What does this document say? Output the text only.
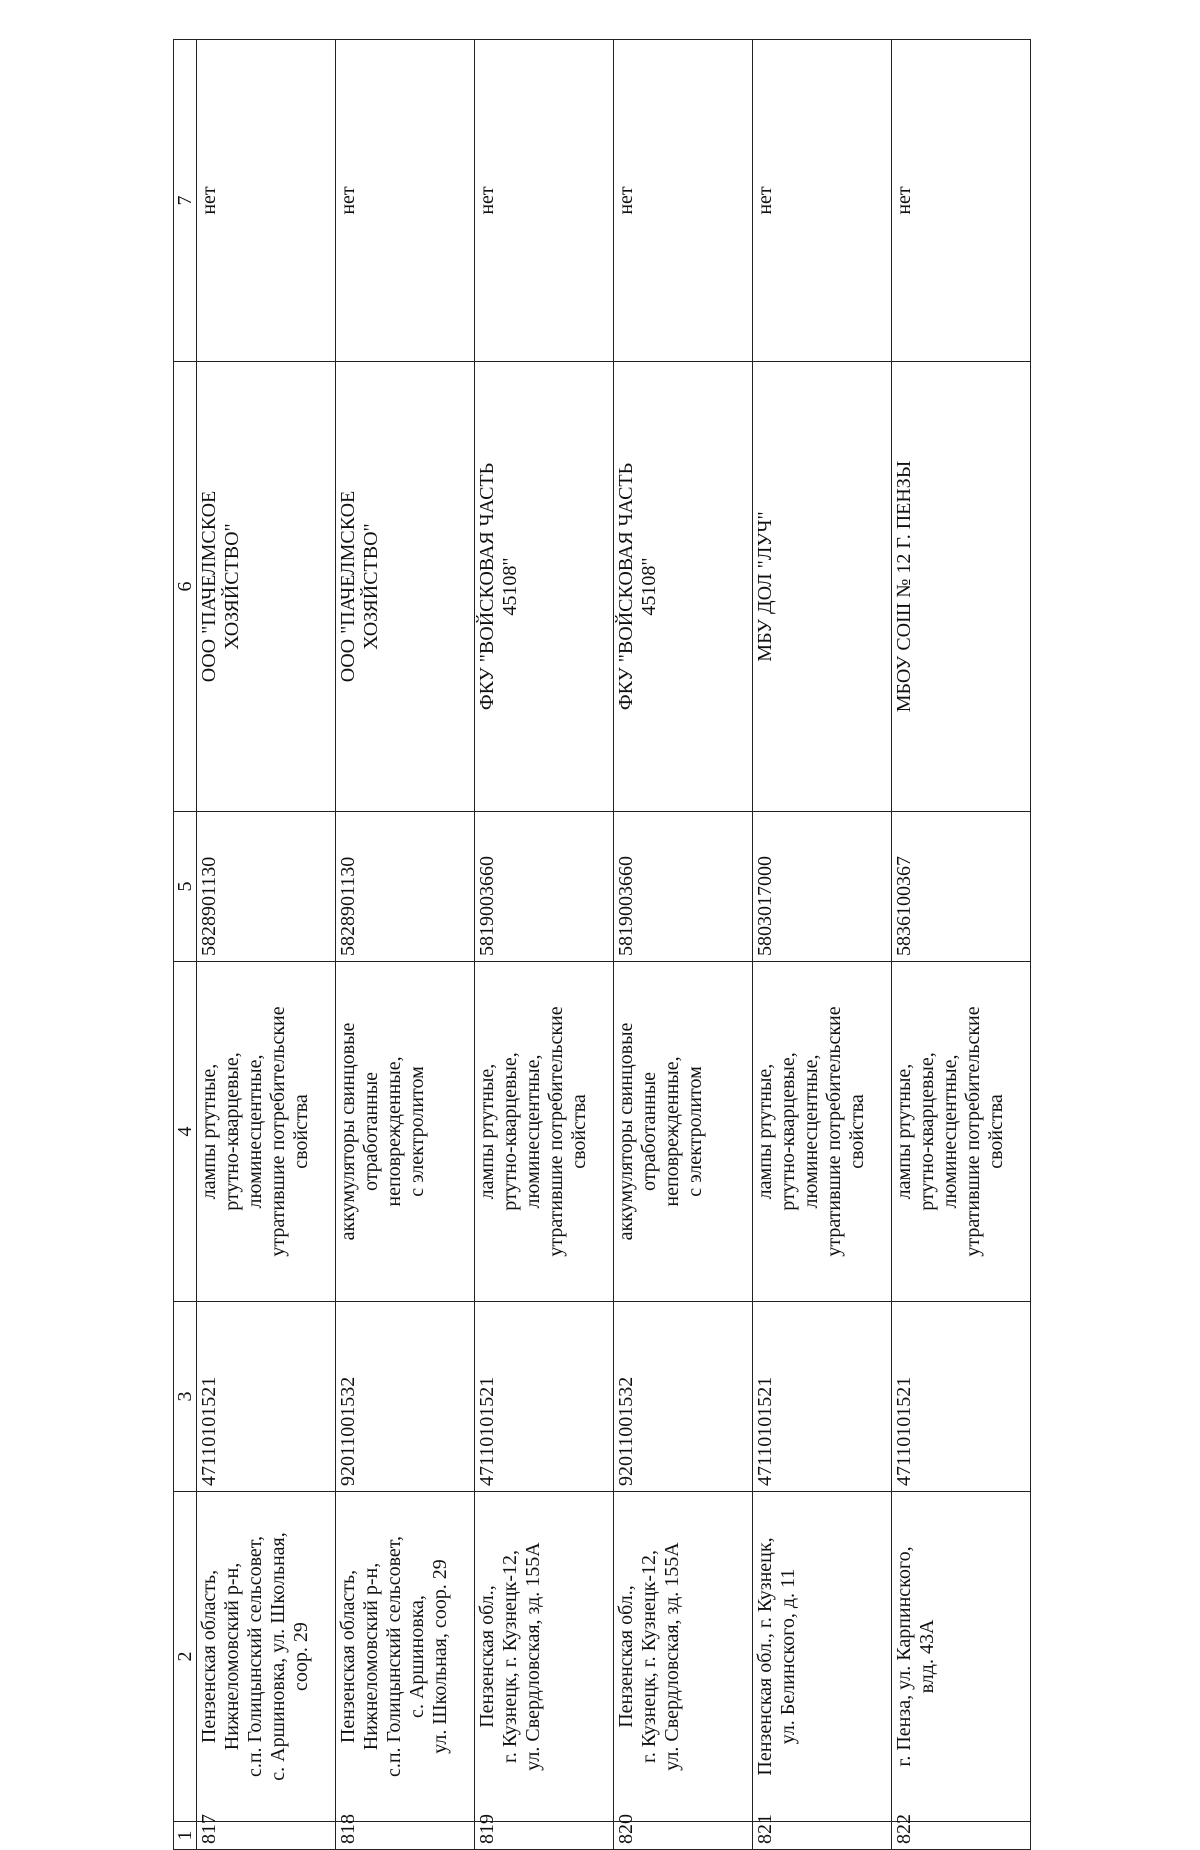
1	2	3	4	5	6	7
817	Пензенская область, Нижнеломовский р-н, с.п. Голицынский сельсовет, с. Аршиновка, ул. Школьная, соор. 29	47110101521	лампы ртутные, ртутно-кварцевые, люминесцентные, утратившие потребительские свойства	5828901130	ООО "ПАЧЕЛМСКОЕ ХОЗЯЙСТВО"	нет
818	Пензенская область, Нижнеломовский р-н, с.п. Голицынский сельсовет, с. Аршиновка, ул. Школьная, соор. 29	92011001532	аккумуляторы свинцовые отработанные неповрежденные, с электролитом	5828901130	ООО "ПАЧЕЛМСКОЕ ХОЗЯЙСТВО"	нет
819	Пензенская обл., г. Кузнецк, г. Кузнецк-12, ул. Свердловская, зд. 155А	47110101521	лампы ртутные, ртутно-кварцевые, люминесцентные, утратившие потребительские свойства	5819003660	ФКУ "ВОЙСКОВАЯ ЧАСТЬ 45108"	нет
820	Пензенская обл., г. Кузнецк, г. Кузнецк-12, ул. Свердловская, зд. 155А	92011001532	аккумуляторы свинцовые отработанные неповрежденные, с электролитом	5819003660	ФКУ "ВОЙСКОВАЯ ЧАСТЬ 45108"	нет
821	Пензенская обл., г. Кузнецк, ул. Белинского, д. 11	47110101521	лампы ртутные, ртутно-кварцевые, люминесцентные, утратившие потребительские свойства	5803017000	МБУ ДОЛ "ЛУЧ"	нет
822	г. Пенза, ул. Карпинского, влд. 43А	47110101521	лампы ртутные, ртутно-кварцевые, люминесцентные, утратившие потребительские свойства	5836100367	МБОУ СОШ № 12 Г. ПЕНЗЫ	нет
